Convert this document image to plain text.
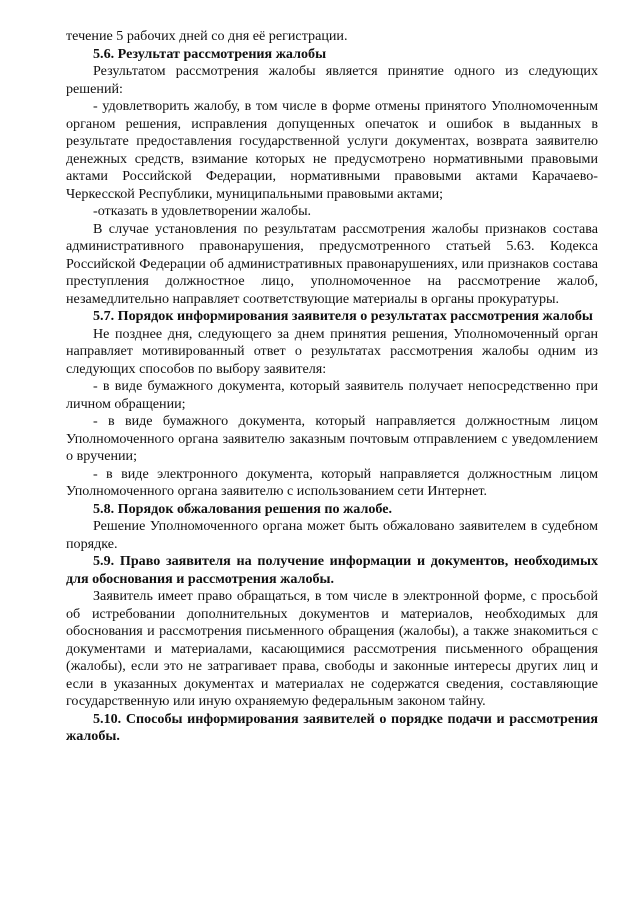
течение 5 рабочих дней со дня её регистрации.

5.6. Результат рассмотрения жалобы

Результатом рассмотрения жалобы является принятие одного из следующих решений:

- удовлетворить жалобу, в том числе в форме отмены принятого Уполномоченным органом решения, исправления допущенных опечаток и ошибок в выданных в результате предоставления государственной услуги документах, возврата заявителю денежных средств, взимание которых не предусмотрено нормативными правовыми актами Российской Федерации, нормативными правовыми актами Карачаево-Черкесской Республики, муниципальными правовыми актами;

-отказать в удовлетворении жалобы.

В случае установления по результатам рассмотрения жалобы признаков состава административного правонарушения, предусмотренного статьей 5.63. Кодекса Российской Федерации об административных правонарушениях, или признаков состава преступления должностное лицо, уполномоченное на рассмотрение жалоб, незамедлительно направляет соответствующие материалы в органы прокуратуры.

5.7. Порядок информирования заявителя о результатах рассмотрения жалобы

Не позднее дня, следующего за днем принятия решения, Уполномоченный орган направляет мотивированный ответ о результатах рассмотрения жалобы одним из следующих способов по выбору заявителя:

- в виде бумажного документа, который заявитель получает непосредственно при личном обращении;

- в виде бумажного документа, который направляется должностным лицом Уполномоченного органа заявителю заказным почтовым отправлением с уведомлением о вручении;

- в виде электронного документа, который направляется должностным лицом Уполномоченного органа заявителю с использованием сети Интернет.

5.8. Порядок обжалования решения по жалобе.

Решение Уполномоченного органа может быть обжаловано заявителем в судебном порядке.

5.9. Право заявителя на получение информации и документов, необходимых для обоснования и рассмотрения жалобы.

Заявитель имеет право обращаться, в том числе в электронной форме, с просьбой об истребовании дополнительных документов и материалов, необходимых для обоснования и рассмотрения письменного обращения (жалобы), а также знакомиться с документами и материалами, касающимися рассмотрения письменного обращения (жалобы), если это не затрагивает права, свободы и законные интересы других лиц и если в указанных документах и материалах не содержатся сведения, составляющие государственную или иную охраняемую федеральным законом тайну.

5.10. Способы информирования заявителей о порядке подачи и рассмотрения жалобы.
